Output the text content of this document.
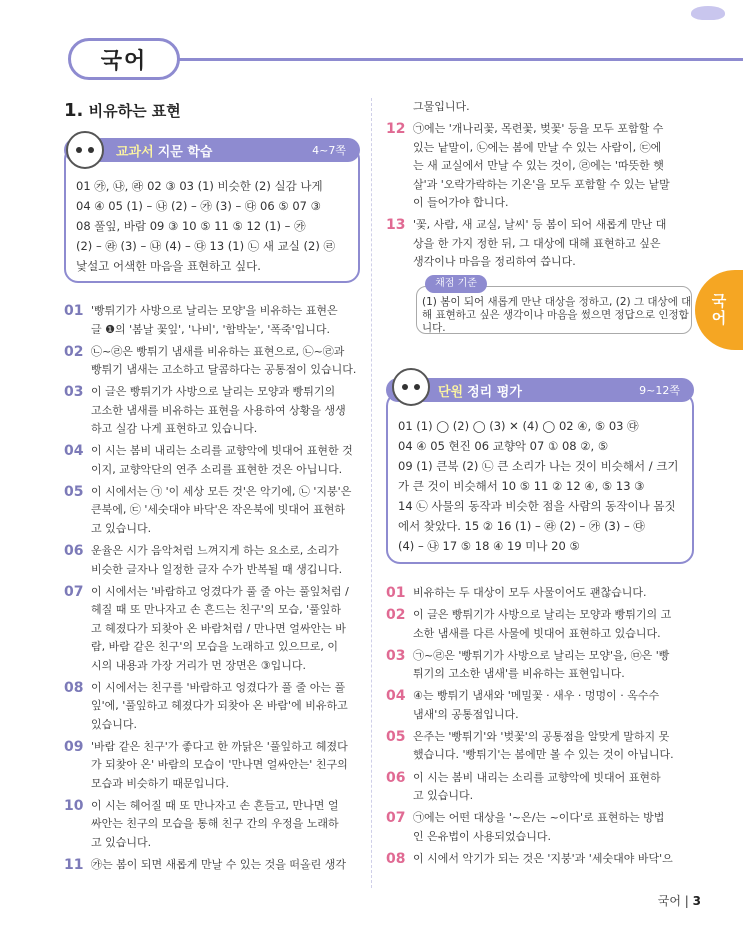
국어
국어
1. 비유하는 표현
교과서 지문 학습	4~7쪽
01 ㉮, ㉯, ㉱ 02 ③ 03 (1) 비슷한 (2) 실감 나게
04 ④ 05 (1) – ㉯ (2) – ㉮ (3) – ㉰ 06 ⑤ 07 ③
08 풀잎, 바람 09 ③ 10 ⑤ 11 ⑤ 12 (1) – ㉮
(2) – ㉱ (3) – ㉯ (4) – ㉰ 13 (1) ㉡ 새 교실 (2) ㉣
낯설고 어색한 마음을 표현하고 싶다.
01 '빵튀기가 사방으로 날리는 모양'을 비유하는 표현은
글 ❶의 '봄날 꽃잎', '나비', '함박눈', '폭죽'입니다.
02 ㉡~㉣은 빵튀기 냄새를 비유하는 표현으로, ㉡~㉣과
빵튀기 냄새는 고소하고 달콤하다는 공통점이 있습니다.
03 이 글은 빵튀기가 사방으로 날리는 모양과 빵튀기의
고소한 냄새를 비유하는 표현을 사용하여 상황을 생생
하고 실감 나게 표현하고 있습니다.
04 이 시는 봄비 내리는 소리를 교향악에 빗대어 표현한 것
이지, 교향악단의 연주 소리를 표현한 것은 아닙니다.
05 이 시에서는 ㉠ '이 세상 모든 것'은 악기에, ㉡ '지붕'은
큰북에, ㉢ '세숫대야 바닥'은 작은북에 빗대어 표현하
고 있습니다.
06 운율은 시가 음악처럼 느껴지게 하는 요소로, 소리가
비슷한 글자나 일정한 글자 수가 반복될 때 생깁니다.
07 이 시에서는 '바람하고 엉겼다가 풀 줄 아는 풀잎처럼 /
헤질 때 또 만나자고 손 흔드는 친구'의 모습, '풀잎하
고 헤졌다가 되찾아 온 바람처럼 / 만나면 얼싸안는 바
람, 바람 같은 친구'의 모습을 노래하고 있으므로, 이
시의 내용과 가장 거리가 먼 장면은 ③입니다.
08 이 시에서는 친구를 '바람하고 엉겼다가 풀 줄 아는 풀
잎'에, '풀잎하고 헤졌다가 되찾아 온 바람'에 비유하고
있습니다.
09 '바람 같은 친구'가 좋다고 한 까닭은 '풀잎하고 헤졌다
가 되찾아 온' 바람의 모습이 '만나면 얼싸안는' 친구의
모습과 비슷하기 때문입니다.
10 이 시는 헤어질 때 또 만나자고 손 흔들고, 만나면 얼
싸안는 친구의 모습을 통해 친구 간의 우정을 노래하
고 있습니다.
11 ㉮는 봄이 되면 새롭게 만날 수 있는 것을 떠올린 생각
그물입니다.
12 ㉠에는 '개나리꽃, 목련꽃, 벚꽃' 등을 모두 포함할 수
있는 낱말이, ㉡에는 봄에 만날 수 있는 사람이, ㉢에
는 새 교실에서 만날 수 있는 것이, ㉣에는 '따뜻한 햇
살'과 '오락가락하는 기온'을 모두 포함할 수 있는 낱말
이 들어가야 합니다.
13 '꽃, 사람, 새 교실, 날씨' 등 봄이 되어 새롭게 만난 대
상을 한 가지 정한 뒤, 그 대상에 대해 표현하고 싶은
생각이나 마음을 정리하여 씁니다.
채점 기준
(1) 봄이 되어 새롭게 만난 대상을 정하고, (2) 그 대상에 대
해 표현하고 싶은 생각이나 마음을 썼으면 정답으로 인정합
니다.
단원 정리 평가	9~12쪽
01 (1) ◯ (2) ◯ (3) ✕ (4) ◯ 02 ④, ⑤ 03 ㉰
04 ④ 05 현진 06 교향악 07 ① 08 ②, ⑤
09 (1) 큰북 (2) ㉡ 큰 소리가 나는 것이 비슷해서 / 크기
가 큰 것이 비슷해서 10 ⑤ 11 ② 12 ④, ⑤ 13 ③
14 ㉡ 사물의 동작과 비슷한 점을 사람의 동작이나 몸짓
에서 찾았다. 15 ② 16 (1) – ㉱ (2) – ㉮ (3) – ㉰
(4) – ㉯ 17 ⑤ 18 ④ 19 미나 20 ⑤
01 비유하는 두 대상이 모두 사물이어도 괜찮습니다.
02 이 글은 빵튀기가 사방으로 날리는 모양과 빵튀기의 고
소한 냄새를 다른 사물에 빗대어 표현하고 있습니다.
03 ㉠~㉣은 '빵튀기가 사방으로 날리는 모양'을, ㉤은 '빵
튀기의 고소한 냄새'를 비유하는 표현입니다.
04 ④는 빵튀기 냄새와 '메밀꽃 · 새우 · 멍멍이 · 옥수수
냄새'의 공통점입니다.
05 은주는 '빵튀기'와 '벚꽃'의 공통점을 알맞게 말하지 못
했습니다. '빵튀기'는 봄에만 볼 수 있는 것이 아닙니다.
06 이 시는 봄비 내리는 소리를 교향악에 빗대어 표현하
고 있습니다.
07 ㉠에는 어떤 대상을 '~은/는 ~이다'로 표현하는 방법
인 은유법이 사용되었습니다.
08 이 시에서 악기가 되는 것은 '지붕'과 '세숫대야 바닥'으
국어 | 3
